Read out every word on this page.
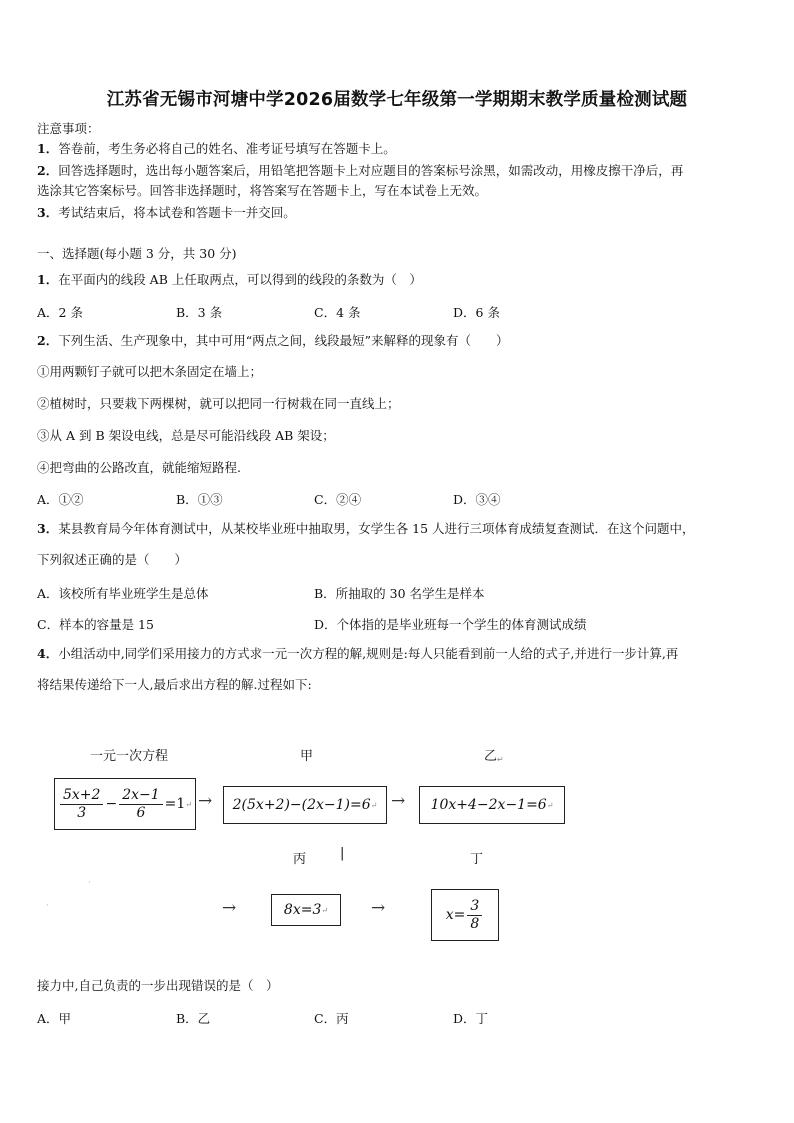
江苏省无锡市河塘中学2026届数学七年级第一学期期末教学质量检测试题
注意事项：
1．答卷前，考生务必将自己的姓名、准考证号填写在答题卡上。
2．回答选择题时，选出每小题答案后，用铅笔把答题卡上对应题目的答案标号涂黑，如需改动，用橡皮擦干净后，再
选涂其它答案标号。回答非选择题时，将答案写在答题卡上，写在本试卷上无效。
3．考试结束后，将本试卷和答题卡一并交回。
一、选择题(每小题 3 分，共 30 分)
1．在平面内的线段 AB 上任取两点，可以得到的线段的条数为（　）
A．2 条	B．3 条	C．4 条	D．6 条
2．下列生活、生产现象中，其中可用“两点之间，线段最短”来解释的现象有（　　）
①用两颗钉子就可以把木条固定在墙上；
②植树时，只要栽下两棵树，就可以把同一行树栽在同一直线上；
③从 A 到 B 架设电线，总是尽可能沿线段 AB 架设；
④把弯曲的公路改直，就能缩短路程.
A．①②	B．①③	C．②④	D．③④
3．某县教育局今年体育测试中，从某校毕业班中抽取男，女学生各 15 人进行三项体育成绩复查测试．在这个问题中，
下列叙述正确的是（　　）
A．该校所有毕业班学生是总体	B．所抽取的 30 名学生是样本
C．样本的容量是 15	D．个体指的是毕业班每一个学生的体育测试成绩
4．小组活动中,同学们采用接力的方式求一元一次方程的解,规则是:每人只能看到前一人给的式子,并进行一步计算,再
将结果传递给下一人,最后求出方程的解.过程如下:
一元一次方程	甲	乙↵
$\frac{5x+2}{3} - \frac{2x-1}{6} =1$ ↵ → 2(5x+2)−(2x−1)=6 ↵ → 10x+4−2x−1=6 ↵
丙	|	丁
·
·	→	8x=3 ↵	→	$x= \frac{3}{8}$
接力中,自己负责的一步出现错误的是（　）
A．甲	B．乙	C．丙	D．丁
